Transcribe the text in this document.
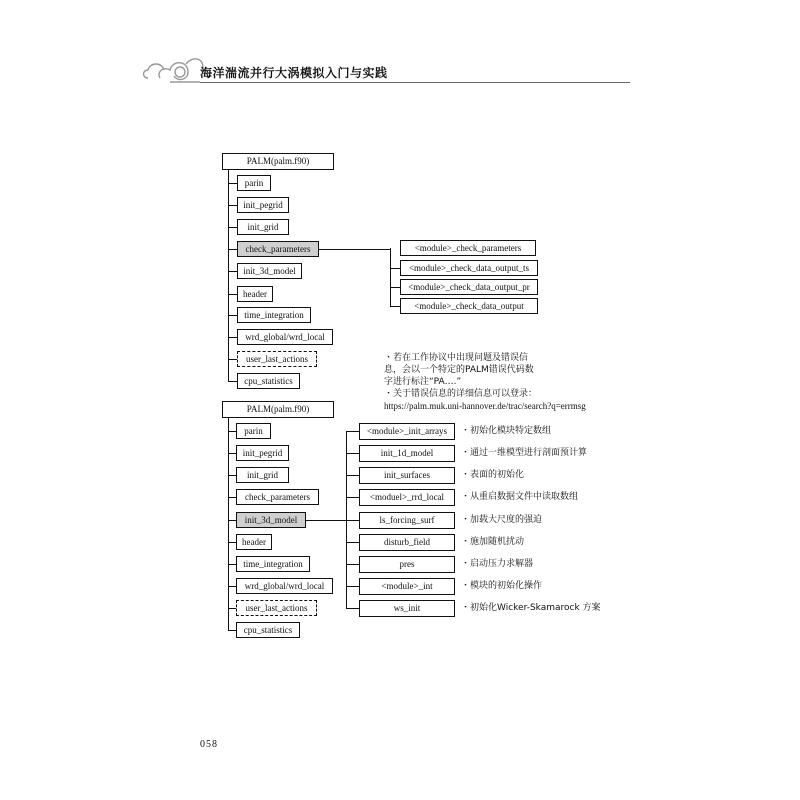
海洋湍流并行大涡模拟入门与实践
PALM(palm.f90)
parin
init_pegrid
init_grid
check_parameters
init_3d_model
header
time_integration
wrd_global/wrd_local
user_last_actions
cpu_statistics
<module>_check_parameters
<module>_check_data_output_ts
<module>_check_data_output_pr
<module>_check_data_output
・若在工作协议中出现问题及错误信
息，会以一个特定的PALM错误代码数
字进行标注“PA….”
・关于错误信息的详细信息可以登录：
https://palm.muk.uni-hannover.de/trac/search?q=errmsg
PALM(palm.f90)
parin
init_pegrid
init_grid
check_parameters
init_3d_model
header
time_integration
wrd_global/wrd_local
user_last_actions
cpu_statistics
<module>_init_arrays	・初始化模块特定数组
init_1d_model	・通过一维模型进行剖面预计算
init_surfaces	・表面的初始化
<moduel>_rrd_local	・从重启数据文件中读取数组
ls_forcing_surf	・加载大尺度的强迫
disturb_field	・施加随机扰动
pres	・启动压力求解器
<module>_int	・模块的初始化操作
ws_init	・初始化Wicker-Skamarock 方案
058
